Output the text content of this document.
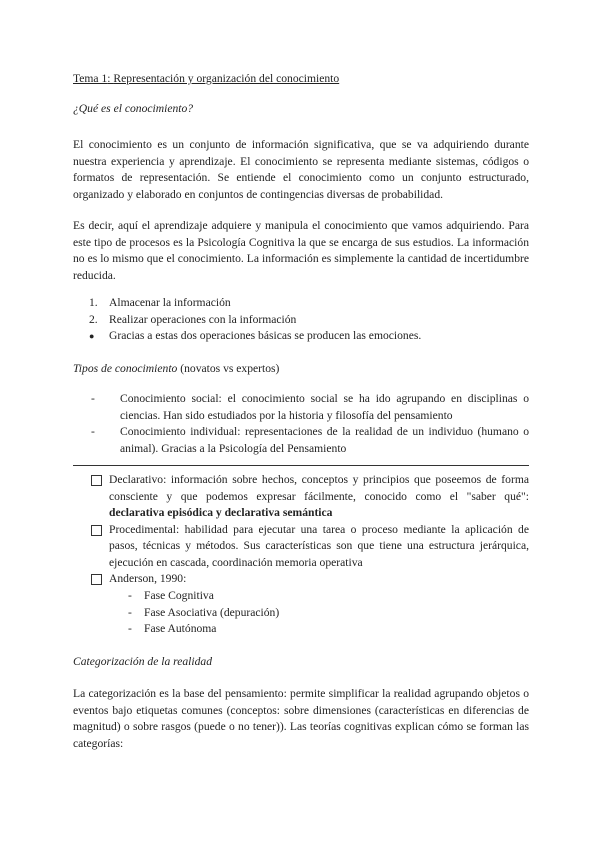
Tema 1: Representación y organización del conocimiento
¿Qué es el conocimiento?
El conocimiento es un conjunto de información significativa, que se va adquiriendo durante nuestra experiencia y aprendizaje. El conocimiento se representa mediante sistemas, códigos o formatos de representación. Se entiende el conocimiento como un conjunto estructurado, organizado y elaborado en conjuntos de contingencias diversas de probabilidad.
Es decir, aquí el aprendizaje adquiere y manipula el conocimiento que vamos adquiriendo. Para este tipo de procesos es la Psicología Cognitiva la que se encarga de sus estudios. La información no es lo mismo que el conocimiento. La información es simplemente la cantidad de incertidumbre reducida.
1. Almacenar la información
2. Realizar operaciones con la información
● Gracias a estas dos operaciones básicas se producen las emociones.
Tipos de conocimiento (novatos vs expertos)
- Conocimiento social: el conocimiento social se ha ido agrupando en disciplinas o ciencias. Han sido estudiados por la historia y filosofía del pensamiento
- Conocimiento individual: representaciones de la realidad de un individuo (humano o animal). Gracias a la Psicología del Pensamiento
Declarativo: información sobre hechos, conceptos y principios que poseemos de forma consciente y que podemos expresar fácilmente, conocido como el "saber qué": declarativa episódica y declarativa semántica
Procedimental: habilidad para ejecutar una tarea o proceso mediante la aplicación de pasos, técnicas y métodos. Sus características son que tiene una estructura jerárquica, ejecución en cascada, coordinación memoria operativa
Anderson, 1990:
- Fase Cognitiva
- Fase Asociativa (depuración)
- Fase Autónoma
Categorización de la realidad
La categorización es la base del pensamiento: permite simplificar la realidad agrupando objetos o eventos bajo etiquetas comunes (conceptos: sobre dimensiones (características en diferencias de magnitud) o sobre rasgos (puede o no tener)). Las teorías cognitivas explican cómo se forman las categorías:
